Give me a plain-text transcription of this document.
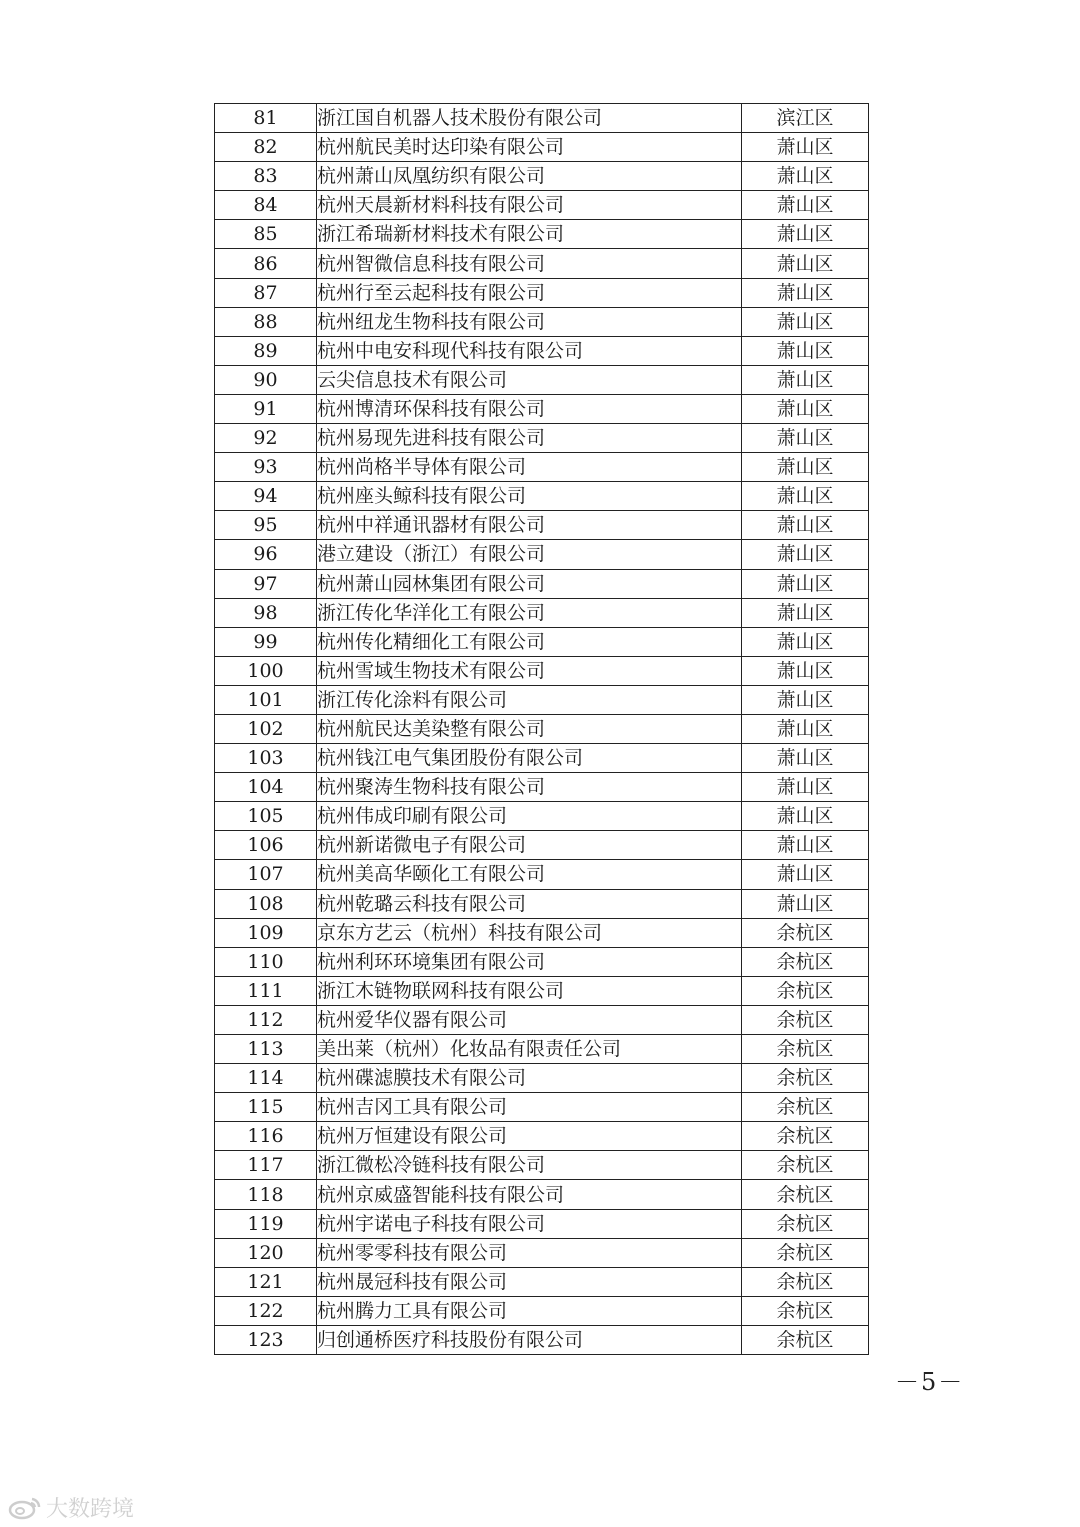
81	浙江国自机器人技术股份有限公司	滨江区
82	杭州航民美时达印染有限公司	萧山区
83	杭州萧山凤凰纺织有限公司	萧山区
84	杭州天晨新材料科技有限公司	萧山区
85	浙江希瑞新材料技术有限公司	萧山区
86	杭州智微信息科技有限公司	萧山区
87	杭州行至云起科技有限公司	萧山区
88	杭州纽龙生物科技有限公司	萧山区
89	杭州中电安科现代科技有限公司	萧山区
90	云尖信息技术有限公司	萧山区
91	杭州博清环保科技有限公司	萧山区
92	杭州易现先进科技有限公司	萧山区
93	杭州尚格半导体有限公司	萧山区
94	杭州座头鲸科技有限公司	萧山区
95	杭州中祥通讯器材有限公司	萧山区
96	港立建设（浙江）有限公司	萧山区
97	杭州萧山园林集团有限公司	萧山区
98	浙江传化华洋化工有限公司	萧山区
99	杭州传化精细化工有限公司	萧山区
100	杭州雪域生物技术有限公司	萧山区
101	浙江传化涂料有限公司	萧山区
102	杭州航民达美染整有限公司	萧山区
103	杭州钱江电气集团股份有限公司	萧山区
104	杭州聚涛生物科技有限公司	萧山区
105	杭州伟成印刷有限公司	萧山区
106	杭州新诺微电子有限公司	萧山区
107	杭州美高华颐化工有限公司	萧山区
108	杭州乾璐云科技有限公司	萧山区
109	京东方艺云（杭州）科技有限公司	余杭区
110	杭州利环环境集团有限公司	余杭区
111	浙江木链物联网科技有限公司	余杭区
112	杭州爱华仪器有限公司	余杭区
113	美出莱（杭州）化妆品有限责任公司	余杭区
114	杭州碟滤膜技术有限公司	余杭区
115	杭州吉冈工具有限公司	余杭区
116	杭州万恒建设有限公司	余杭区
117	浙江微松冷链科技有限公司	余杭区
118	杭州京威盛智能科技有限公司	余杭区
119	杭州宇诺电子科技有限公司	余杭区
120	杭州零零科技有限公司	余杭区
121	杭州晟冠科技有限公司	余杭区
122	杭州腾力工具有限公司	余杭区
123	归创通桥医疗科技股份有限公司	余杭区
－5－
大数跨境
